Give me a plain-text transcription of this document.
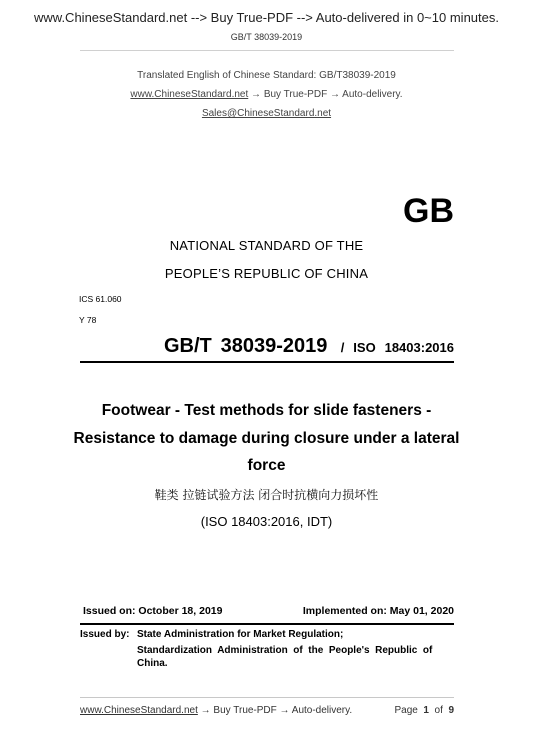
www.ChineseStandard.net --> Buy True-PDF --> Auto-delivered in 0~10 minutes.
GB/T 38039-2019
Translated English of Chinese Standard: GB/T38039-2019
www.ChineseStandard.net → Buy True-PDF → Auto-delivery.
Sales@ChineseStandard.net
GB
NATIONAL STANDARD OF THE
PEOPLE’S REPUBLIC OF CHINA
ICS 61.060
Y 78
GB/T 38039-2019 / ISO 18403:2016
Footwear - Test methods for slide fasteners -
Resistance to damage during closure under a lateral
force
鞋类 拉链试验方法 闭合时抗横向力损坏性
(ISO 18403:2016, IDT)
Issued on: October 18, 2019	Implemented on: May 01, 2020
Issued by: State Administration for Market Regulation;
Standardization  Administration  of  the  People's  Republic  of
China.
www.ChineseStandard.net → Buy True-PDF → Auto-delivery.	Page 1 of 9
